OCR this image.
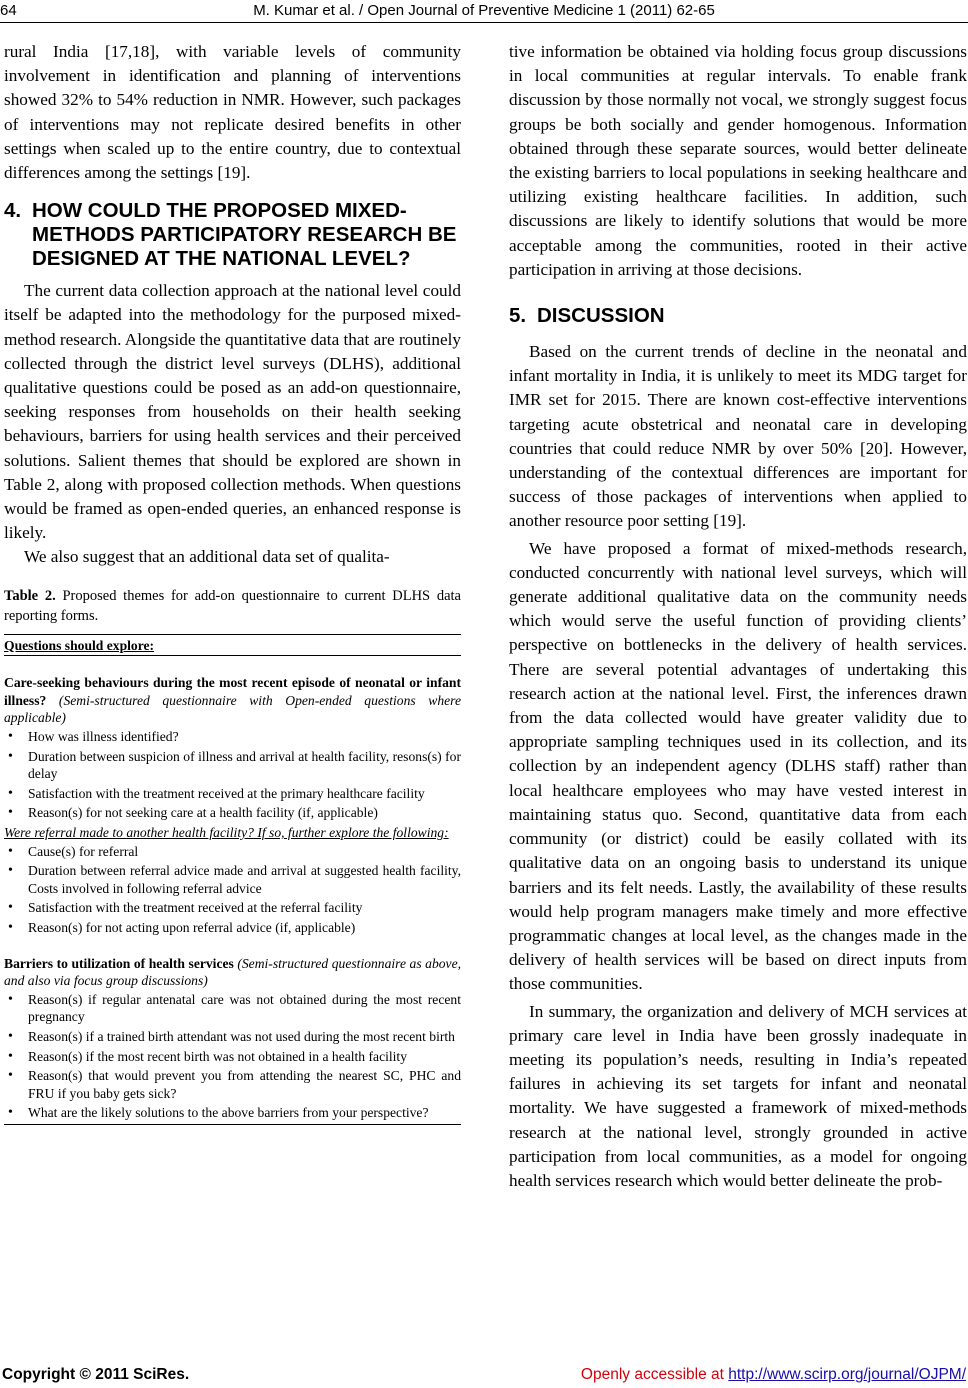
64	M. Kumar et al. / Open Journal of Preventive Medicine 1 (2011) 62-65

rural India [17,18], with variable levels of community involvement in identification and planning of interventions showed 32% to 54% reduction in NMR. However, such packages of interventions may not replicate desired benefits in other settings when scaled up to the entire country, due to contextual differences among the settings [19].

4. HOW COULD THE PROPOSED MIXED-METHODS PARTICIPATORY RESEARCH BE DESIGNED AT THE NATIONAL LEVEL?

The current data collection approach at the national level could itself be adapted into the methodology for the purposed mixed-method research. Alongside the quantitative data that are routinely collected through the district level surveys (DLHS), additional qualitative questions could be posed as an add-on questionnaire, seeking responses from households on their health seeking behaviours, barriers for using health services and their perceived solutions. Salient themes that should be explored are shown in Table 2, along with proposed collection methods. When questions would be framed as open-ended queries, an enhanced response is likely.

We also suggest that an additional data set of qualita-

Table 2. Proposed themes for add-on questionnaire to current DLHS data reporting forms.

Questions should explore:

Care-seeking behaviours during the most recent episode of neonatal or infant illness? (Semi-structured questionnaire with Open-ended questions where applicable)

• How was illness identified?
• Duration between suspicion of illness and arrival at health facility, resons(s) for delay
• Satisfaction with the treatment received at the primary healthcare facility
• Reason(s) for not seeking care at a health facility (if, applicable)

Were referral made to another health facility? If so, further explore the following:

• Cause(s) for referral
• Duration between referral advice made and arrival at suggested health facility, Costs involved in following referral advice
• Satisfaction with the treatment received at the referral facility
• Reason(s) for not acting upon referral advice (if, applicable)

Barriers to utilization of health services (Semi-structured questionnaire as above, and also via focus group discussions)

• Reason(s) if regular antenatal care was not obtained during the most recent pregnancy
• Reason(s) if a trained birth attendant was not used during the most recent birth
• Reason(s) if the most recent birth was not obtained in a health facility
• Reason(s) that would prevent you from attending the nearest SC, PHC and FRU if you baby gets sick?
• What are the likely solutions to the above barriers from your perspective?

tive information be obtained via holding focus group discussions in local communities at regular intervals. To enable frank discussion by those normally not vocal, we strongly suggest focus groups be both socially and gender homogenous. Information obtained through these separate sources, would better delineate the existing barriers to local populations in seeking healthcare and utilizing existing healthcare facilities. In addition, such discussions are likely to identify solutions that would be more acceptable among the communities, rooted in their active participation in arriving at those decisions.

5. DISCUSSION

Based on the current trends of decline in the neonatal and infant mortality in India, it is unlikely to meet its MDG target for IMR set for 2015. There are known cost-effective interventions targeting acute obstetrical and neonatal care in developing countries that could reduce NMR by over 50% [20]. However, understanding of the contextual differences are important for success of those packages of interventions when applied to another resource poor setting [19].

We have proposed a format of mixed-methods research, conducted concurrently with national level surveys, which will generate additional qualitative data on the community needs which would serve the useful function of providing clients’ perspective on bottlenecks in the delivery of health services. There are several potential advantages of undertaking this research action at the national level. First, the inferences drawn from the data collected would have greater validity due to appropriate sampling techniques used in its collection, and its collection by an independent agency (DLHS staff) rather than local healthcare employees who may have vested interest in maintaining status quo. Second, quantitative data from each community (or district) could be easily collated with its qualitative data on an ongoing basis to understand its unique barriers and its felt needs. Lastly, the availability of these results would help program managers make timely and more effective programmatic changes at local level, as the changes made in the delivery of health services will be based on direct inputs from those communities.

In summary, the organization and delivery of MCH services at primary care level in India have been grossly inadequate in meeting its population’s needs, resulting in India’s repeated failures in achieving its set targets for infant and neonatal mortality. We have suggested a framework of mixed-methods research at the national level, strongly grounded in active participation from local communities, as a model for ongoing health services research which would better delineate the prob-

Copyright © 2011 SciRes.	Openly accessible at http://www.scirp.org/journal/OJPM/
